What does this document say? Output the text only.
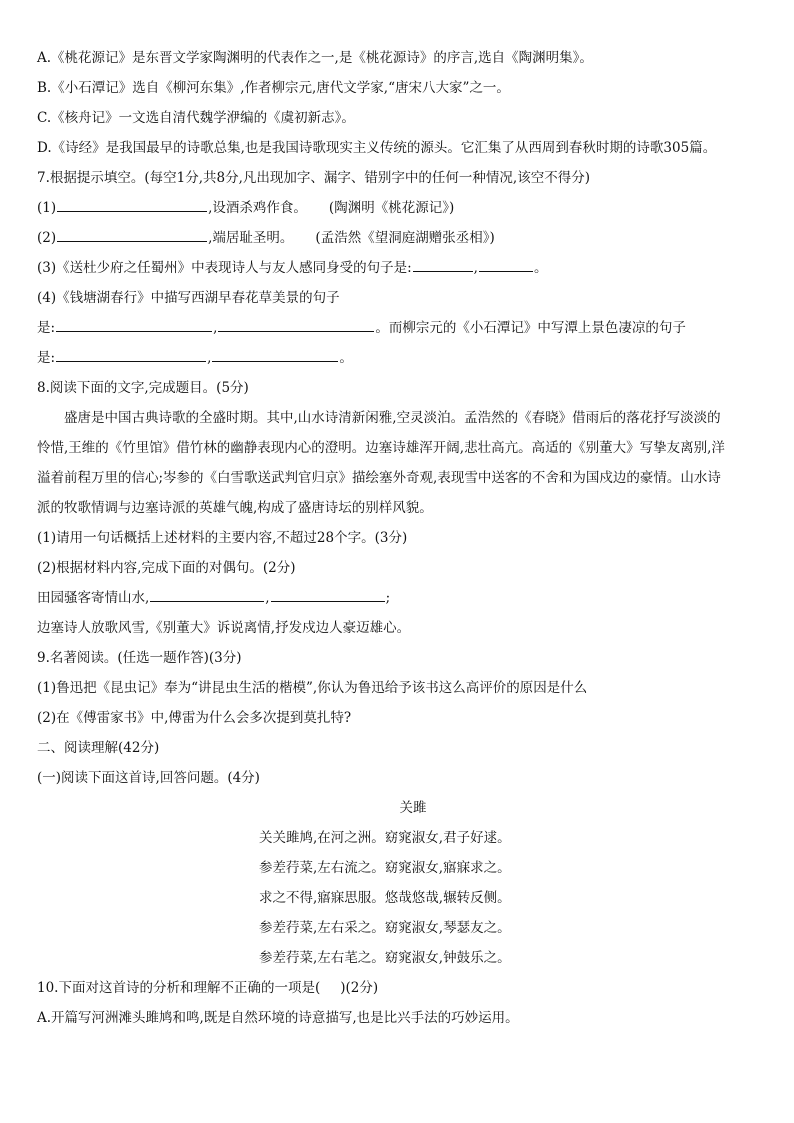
A.《桃花源记》是东晋文学家陶渊明的代表作之一,是《桃花源诗》的序言,选自《陶渊明集》。
B.《小石潭记》选自《柳河东集》,作者柳宗元,唐代文学家,“唐宋八大家”之一。
C.《核舟记》一文选自清代魏学洢编的《虞初新志》。
D.《诗经》是我国最早的诗歌总集,也是我国诗歌现实主义传统的源头。它汇集了从西周到春秋时期的诗歌305篇。
7.根据提示填空。(每空1分,共8分,凡出现加字、漏字、错别字中的任何一种情况,该空不得分)
(1)	,设酒杀鸡作食。 (陶渊明《桃花源记》)
(2)	,端居耻圣明。 (孟浩然《望洞庭湖赠张丞相》)
(3)《送杜少府之任蜀州》中表现诗人与友人感同身受的句子是:	,	。
(4)《钱塘湖春行》中描写西湖早春花草美景的句子
是:	,	。而柳宗元的《小石潭记》中写潭上景色凄凉的句子
是:	,	。
8.阅读下面的文字,完成题目。(5分)
盛唐是中国古典诗歌的全盛时期。其中,山水诗清新闲雅,空灵淡泊。孟浩然的《春晓》借雨后的落花抒写淡淡的
怜惜,王维的《竹里馆》借竹林的幽静表现内心的澄明。边塞诗雄浑开阔,悲壮高亢。高适的《别董大》写挚友离别,洋
溢着前程万里的信心;岑参的《白雪歌送武判官归京》描绘塞外奇观,表现雪中送客的不舍和为国戍边的豪情。山水诗
派的牧歌情调与边塞诗派的英雄气魄,构成了盛唐诗坛的别样风貌。
(1)请用一句话概括上述材料的主要内容,不超过28个字。(3分)
(2)根据材料内容,完成下面的对偶句。(2分)
田园骚客寄情山水,	,	;
边塞诗人放歌风雪,《别董大》诉说离情,抒发戍边人豪迈雄心。
9.名著阅读。(任选一题作答)(3分)
(1)鲁迅把《昆虫记》奉为“讲昆虫生活的楷模”,你认为鲁迅给予该书这么高评价的原因是什么
(2)在《傅雷家书》中,傅雷为什么会多次提到莫扎特?
二、阅读理解(42分)
(一)阅读下面这首诗,回答问题。(4分)
关雎
关关雎鸠,在河之洲。窈窕淑女,君子好逑。
参差荇菜,左右流之。窈窕淑女,寤寐求之。
求之不得,寤寐思服。悠哉悠哉,辗转反侧。
参差荇菜,左右采之。窈窕淑女,琴瑟友之。
参差荇菜,左右芼之。窈窕淑女,钟鼓乐之。
10.下面对这首诗的分析和理解不正确的一项是( )(2分)
A.开篇写河洲滩头雎鸠和鸣,既是自然环境的诗意描写,也是比兴手法的巧妙运用。
